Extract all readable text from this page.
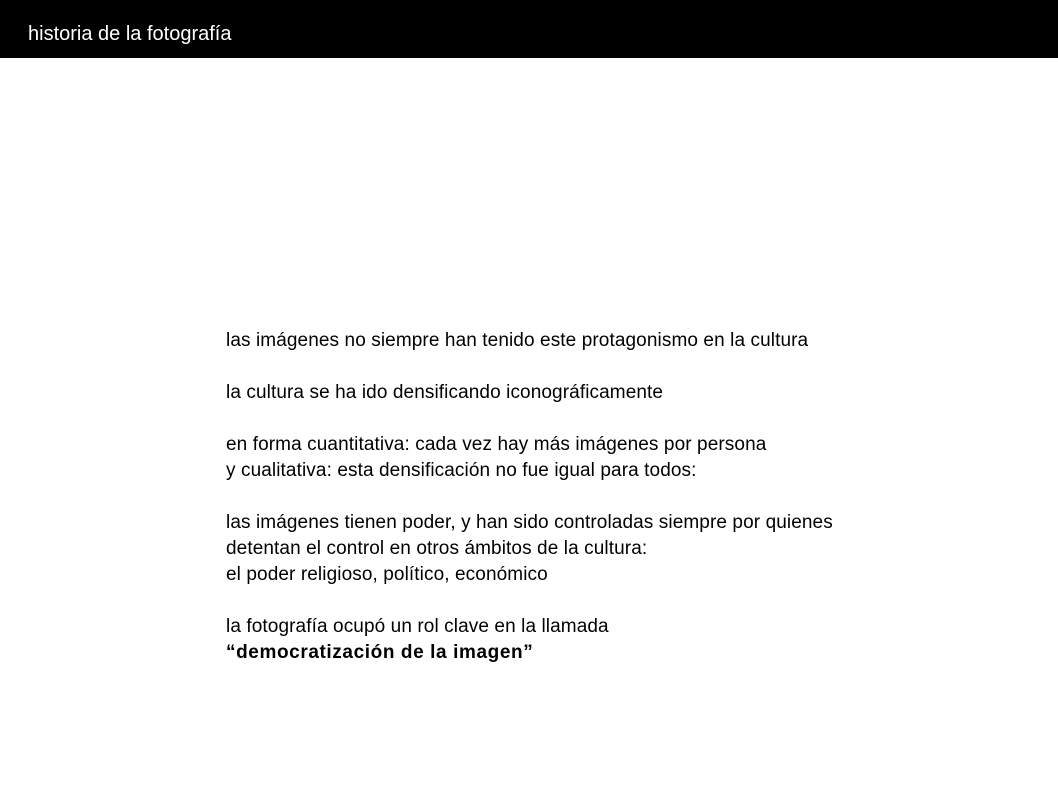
historia de la fotografía
las imágenes no siempre han tenido este protagonismo en la cultura
la cultura se ha ido densificando iconográficamente
en forma cuantitativa: cada vez hay más imágenes por persona
y cualitativa: esta densificación no fue igual para todos:
las imágenes tienen poder, y han sido controladas siempre por quienes
detentan el control en otros ámbitos de la cultura:
el poder religioso, político, económico
la fotografía ocupó un rol clave en la llamada
“democratización de la imagen”
